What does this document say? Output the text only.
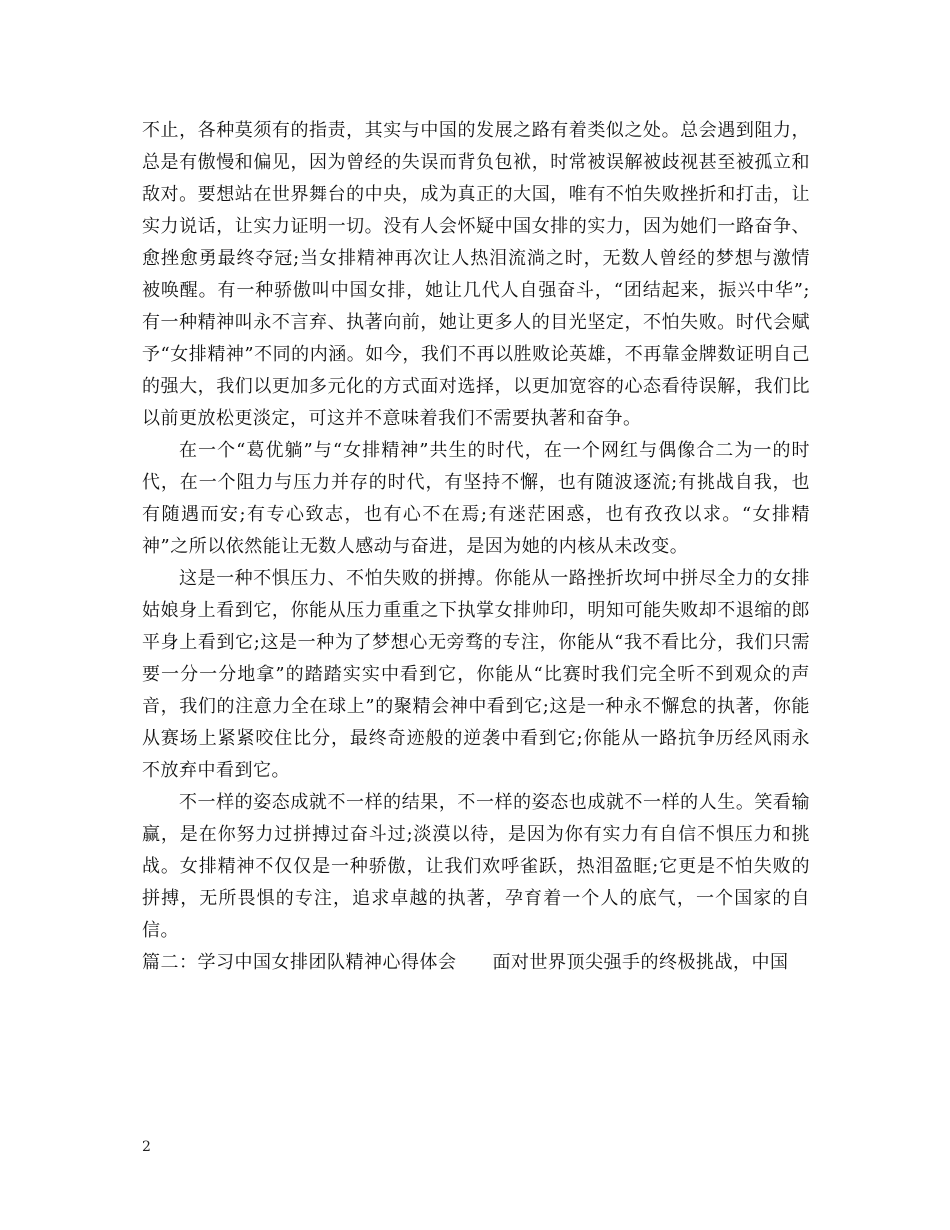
不止，各种莫须有的指责，其实与中国的发展之路有着类似之处。总会遇到阻力，总是有傲慢和偏见，因为曾经的失误而背负包袱，时常被误解被歧视甚至被孤立和敌对。要想站在世界舞台的中央，成为真正的大国，唯有不怕失败挫折和打击，让实力说话，让实力证明一切。没有人会怀疑中国女排的实力，因为她们一路奋争、愈挫愈勇最终夺冠;当女排精神再次让人热泪流淌之时，无数人曾经的梦想与激情被唤醒。有一种骄傲叫中国女排，她让几代人自强奋斗，“团结起来，振兴中华”;有一种精神叫永不言弃、执著向前，她让更多人的目光坚定，不怕失败。时代会赋予“女排精神”不同的内涵。如今，我们不再以胜败论英雄，不再靠金牌数证明自己的强大，我们以更加多元化的方式面对选择，以更加宽容的心态看待误解，我们比以前更放松更淡定，可这并不意味着我们不需要执著和奋争。

在一个“葛优躺”与“女排精神”共生的时代，在一个网红与偶像合二为一的时代，在一个阻力与压力并存的时代，有坚持不懈，也有随波逐流;有挑战自我，也有随遇而安;有专心致志，也有心不在焉;有迷茫困惑，也有孜孜以求。“女排精神”之所以依然能让无数人感动与奋进，是因为她的内核从未改变。

这是一种不惧压力、不怕失败的拼搏。你能从一路挫折坎坷中拼尽全力的女排姑娘身上看到它，你能从压力重重之下执掌女排帅印，明知可能失败却不退缩的郎平身上看到它;这是一种为了梦想心无旁骛的专注，你能从“我不看比分，我们只需要一分一分地拿”的踏踏实实中看到它，你能从“比赛时我们完全听不到观众的声音，我们的注意力全在球上”的聚精会神中看到它;这是一种永不懈怠的执著，你能从赛场上紧紧咬住比分，最终奇迹般的逆袭中看到它;你能从一路抗争历经风雨永不放弃中看到它。

不一样的姿态成就不一样的结果，不一样的姿态也成就不一样的人生。笑看输赢，是在你努力过拼搏过奋斗过;淡漠以待，是因为你有实力有自信不惧压力和挑战。女排精神不仅仅是一种骄傲，让我们欢呼雀跃，热泪盈眶;它更是不怕失败的拼搏，无所畏惧的专注，追求卓越的执著，孕育着一个人的底气，一个国家的自信。

篇二：学习中国女排团队精神心得体会 面对世界顶尖强手的终极挑战，中国

2
